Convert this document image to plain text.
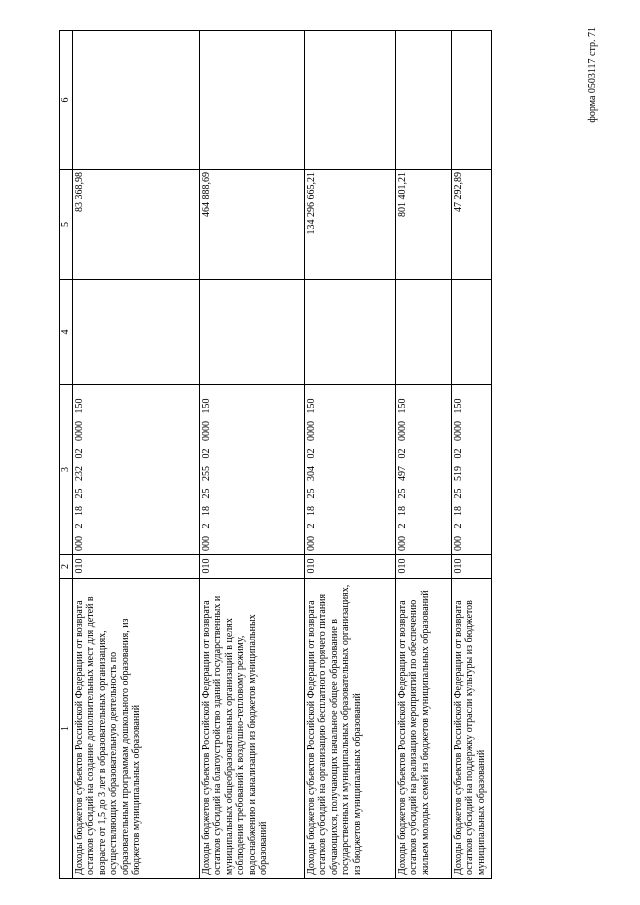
форма 0503117 стр. 71
1	2	3	4	5	6
Доходы бюджетов субъектов Российской Федерации от возврата остатков субсидий на создание дополнительных мест для детей в возрасте от 1,5 до 3 лет в образовательных организациях, осуществляющих образовательную деятельность по образовательным программам дошкольного образования, из бюджетов муниципальных образований	010	000 2 18 25 232 02 0000 150		83 368,98	
Доходы бюджетов субъектов Российской Федерации от возврата остатков субсидий на благоустройство зданий государственных и муниципальных общеобразовательных организаций в целях соблюдения требований к воздушно-тепловому режиму, водоснабжению и канализации из бюджетов муниципальных образований	010	000 2 18 25 255 02 0000 150		464 888,69	
Доходы бюджетов субъектов Российской Федерации от возврата остатков субсидий на организацию бесплатного горячего питания обучающихся, получающих начальное общее образование в государственных и муниципальных образовательных организациях, из бюджетов муниципальных образований	010	000 2 18 25 304 02 0000 150		134 296 665,21	
Доходы бюджетов субъектов Российской Федерации от возврата остатков субсидий на реализацию мероприятий по обеспечению жильем молодых семей из бюджетов муниципальных образований	010	000 2 18 25 497 02 0000 150		801 401,21	
Доходы бюджетов субъектов Российской Федерации от возврата остатков субсидий на поддержку отрасли культуры из бюджетов муниципальных образований	010	000 2 18 25 519 02 0000 150		47 292,89	
